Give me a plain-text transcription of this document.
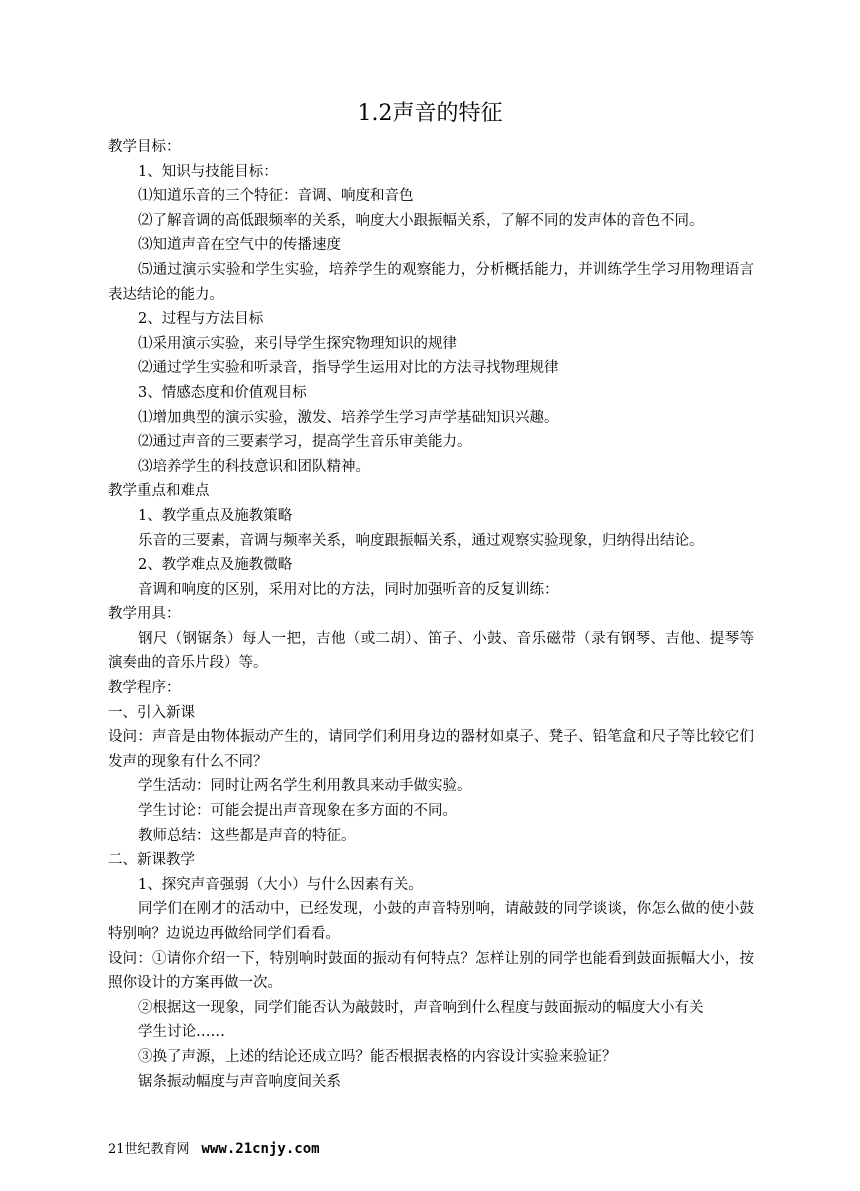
1.2声音的特征
教学目标：
1、知识与技能目标：
⑴知道乐音的三个特征：音调、响度和音色
⑵了解音调的高低跟频率的关系，响度大小跟振幅关系，了解不同的发声体的音色不同。
⑶知道声音在空气中的传播速度
⑸通过演示实验和学生实验，培养学生的观察能力，分析概括能力，并训练学生学习用物理语言表达结论的能力。
2、过程与方法目标
⑴采用演示实验，来引导学生探究物理知识的规律
⑵通过学生实验和听录音，指导学生运用对比的方法寻找物理规律
3、情感态度和价值观目标
⑴增加典型的演示实验，激发、培养学生学习声学基础知识兴趣。
⑵通过声音的三要素学习，提高学生音乐审美能力。
⑶培养学生的科技意识和团队精神。
教学重点和难点
1、教学重点及施教策略
乐音的三要素，音调与频率关系，响度跟振幅关系，通过观察实验现象，归纳得出结论。
2、教学难点及施教微略
音调和响度的区别，采用对比的方法，同时加强听音的反复训练：
教学用具：
钢尺（钢锯条）每人一把，吉他（或二胡）、笛子、小鼓、音乐磁带（录有钢琴、吉他、提琴等演奏曲的音乐片段）等。
教学程序：
一、引入新课
设问：声音是由物体振动产生的，请同学们利用身边的器材如桌子、凳子、铅笔盒和尺子等比较它们发声的现象有什么不同？
学生活动：同时让两名学生利用教具来动手做实验。
学生讨论：可能会提出声音现象在多方面的不同。
教师总结：这些都是声音的特征。
二、新课教学
1、探究声音强弱（大小）与什么因素有关。
同学们在刚才的活动中，已经发现，小鼓的声音特别响，请敲鼓的同学谈谈，你怎么做的使小鼓特别响？边说边再做给同学们看看。
设问：①请你介绍一下，特别响时鼓面的振动有何特点？怎样让别的同学也能看到鼓面振幅大小，按照你设计的方案再做一次。
②根据这一现象，同学们能否认为敲鼓时，声音响到什么程度与鼓面振动的幅度大小有关
学生讨论……
③换了声源，上述的结论还成立吗？能否根据表格的内容设计实验来验证？
锯条振动幅度与声音响度间关系
21世纪教育网 www.21cnjy.com
